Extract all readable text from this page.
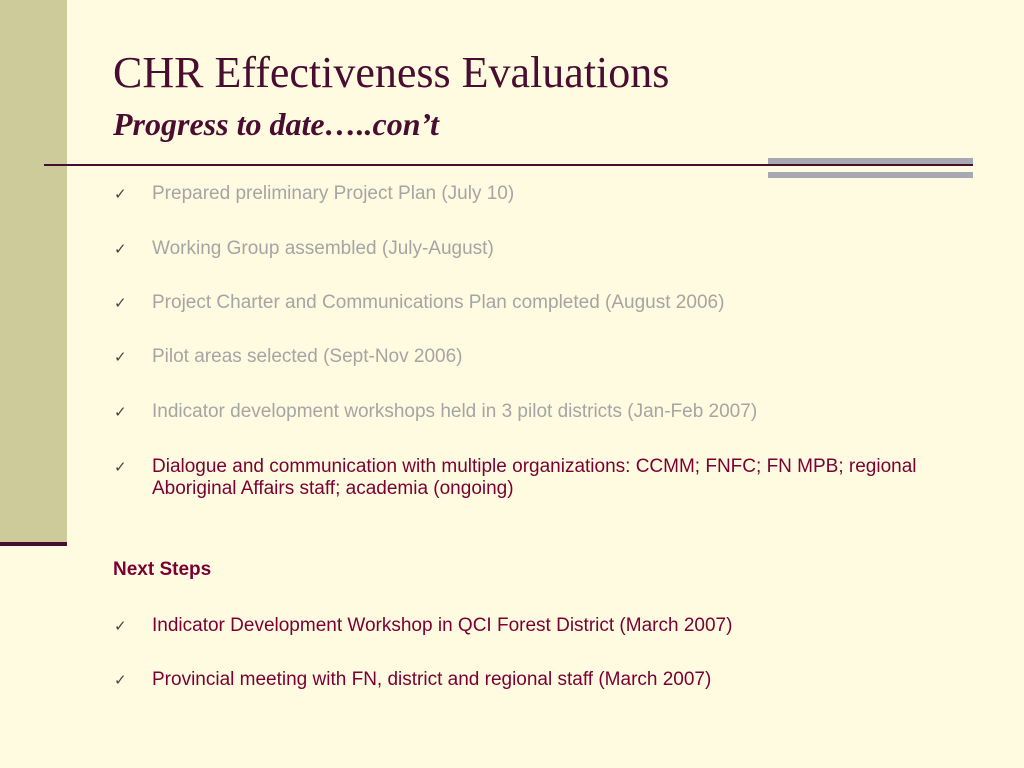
CHR Effectiveness Evaluations
Progress to date…..con’t
✓	Prepared preliminary Project Plan (July 10)
✓	Working Group assembled (July-August)
✓	Project Charter and Communications Plan completed (August 2006)
✓	Pilot areas selected (Sept-Nov 2006)
✓	Indicator development workshops held in 3 pilot districts (Jan-Feb 2007)
✓	Dialogue and communication with multiple organizations: CCMM; FNFC; FN MPB; regional Aboriginal Affairs staff; academia (ongoing)
Next Steps
✓	Indicator Development Workshop in QCI Forest District (March 2007)
✓	Provincial meeting with FN, district and regional staff (March 2007)
